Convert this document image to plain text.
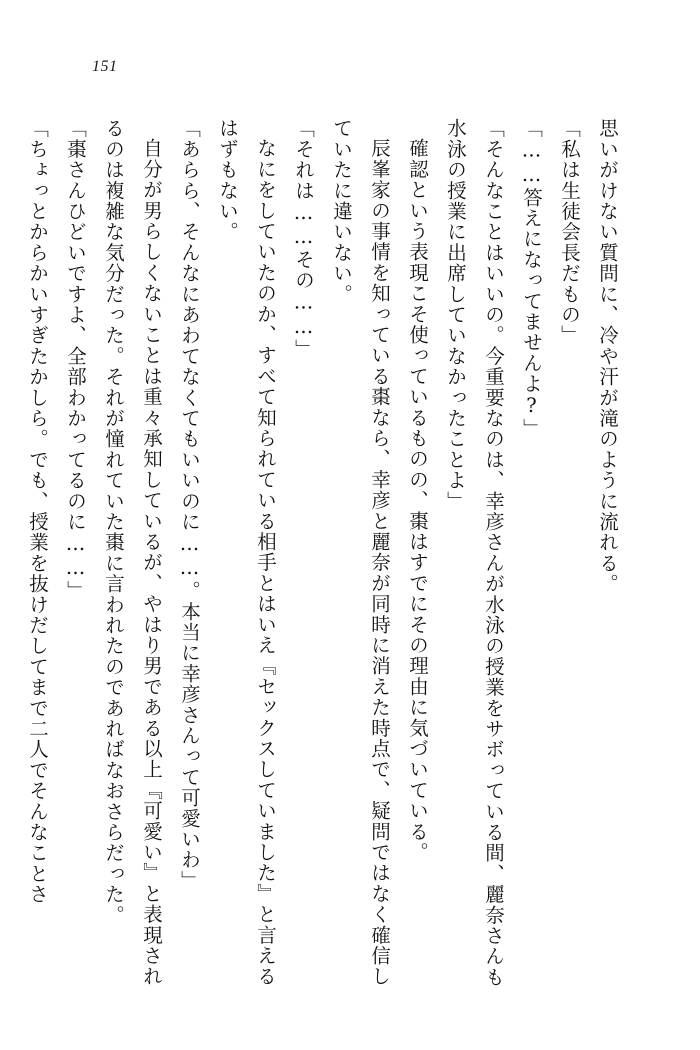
151
思いがけない質問に、冷や汗が滝のように流れる。
「私は生徒会長だもの」
「……答えになってませんよ?」
「そんなことはいいの。今重要なのは、幸彦さんが水泳の授業をサボっている間、麗奈さんも水泳の授業に出席していなかったことよ」
確認という表現こそ使っているものの、棗はすでにその理由に気づいている。
辰峯家の事情を知っている棗なら、幸彦と麗奈が同時に消えた時点で、疑問ではなく確信していたに違いない。
「それは……その……」
なにをしていたのか、すべて知られている相手とはいえ『セックスしていました』と言えるはずもない。
「あらら、そんなにあわてなくてもいいのに……。本当に幸彦さんって可愛いわ」
自分が男らしくないことは重々承知しているが、やはり男である以上『可愛い』と表現されるのは複雑な気分だった。それが憧れていた棗に言われたのであればなおさらだった。
「棗さんひどいですよ、全部わかってるのに……」
「ちょっとからかいすぎたかしら。でも、授業を抜けだしてまで二人でそんなことさ
